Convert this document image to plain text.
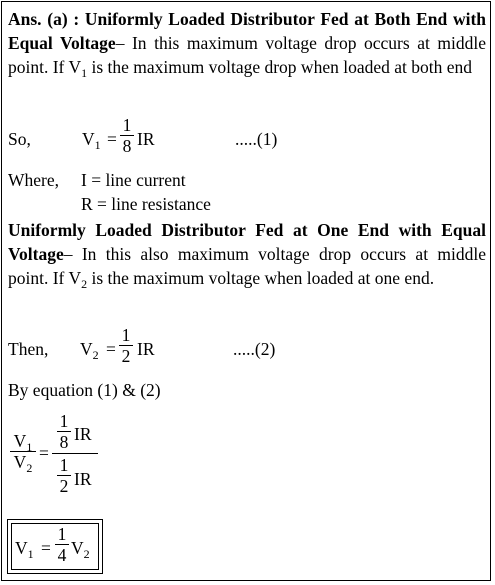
Ans. (a) : Uniformly Loaded Distributor Fed at Both End with Equal Voltage– In this maximum voltage drop occurs at middle point. If $V_1$ is the maximum voltage drop when loaded at both end
So,	$V_1$ =
1
8 IR	.....(1)
Where, I = line current
R = line resistance
Uniformly Loaded Distributor Fed at One End with Equal Voltage– In this also maximum voltage drop occurs at middle point. If $V_2$ is the maximum voltage when loaded at one end.
Then, $V_2$ =
1
2 IR	.....(2)
By equation (1) & (2)
$V_1$
$V_2$
=
1
8 IR
1
2 IR
$V_1$ =
1
4 $V_2$
